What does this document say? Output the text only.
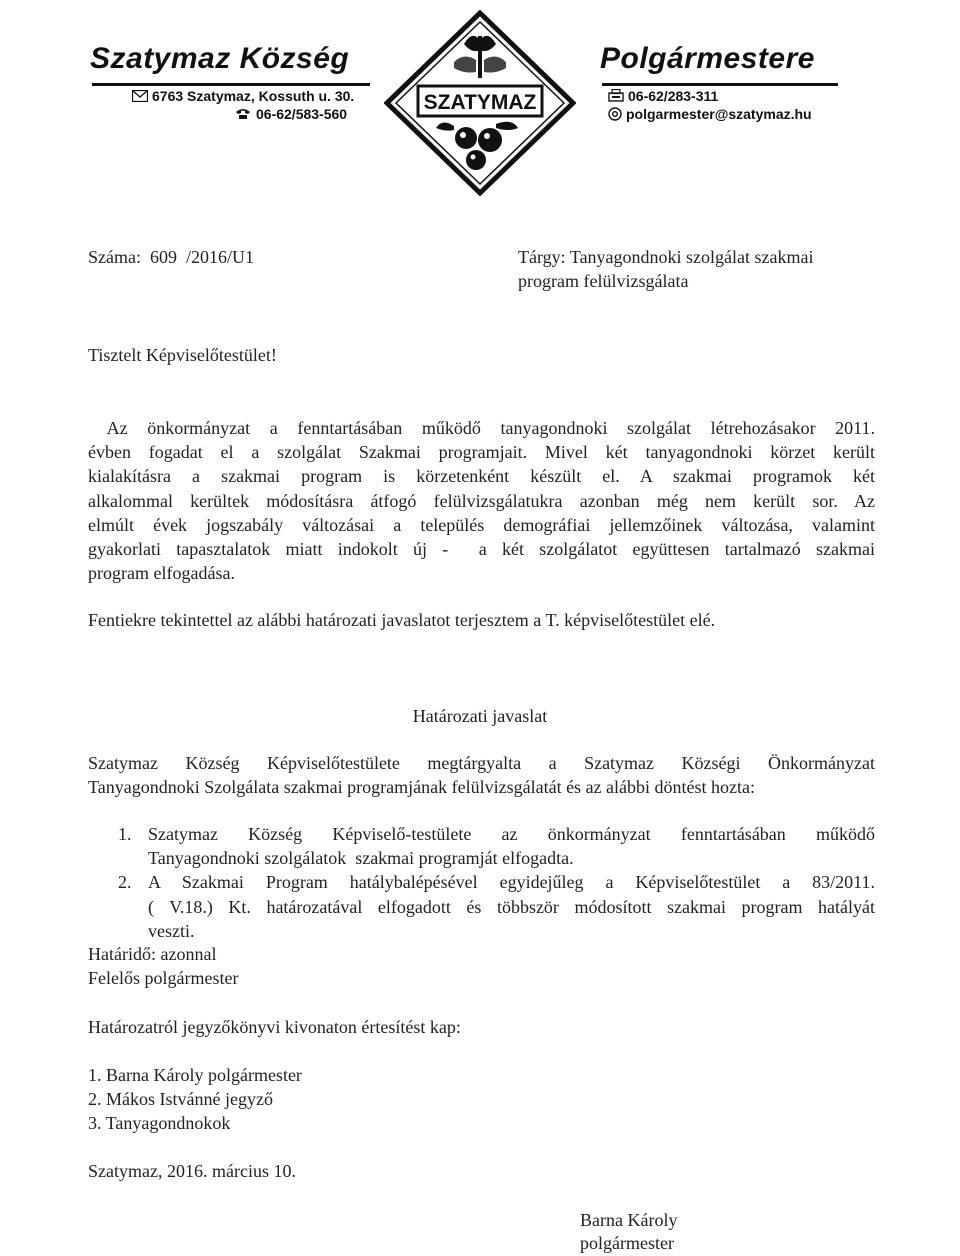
Szatymaz Község
6763 Szatymaz, Kossuth u. 30.
06-62/583-560	SZATYMAZ
Polgármestere
06-62/283-311
polgarmester@szatymaz.hu
Száma:  609  /2016/U1	Tárgy: Tanyagondnoki szolgálat szakmai
program felülvizsgálata
Tisztelt Képviselőtestület!
Az önkormányzat a fenntartásában működő tanyagondnoki szolgálat létrehozásakor 2011.
évben fogadat el a szolgálat Szakmai programjait. Mivel két tanyagondnoki körzet került
kialakításra a szakmai program is körzetenként készült el. A szakmai programok két
alkalommal kerültek módosításra átfogó felülvizsgálatukra azonban még nem került sor. Az
elmúlt évek jogszabály változásai a település demográfiai jellemzőinek változása, valamint
gyakorlati tapasztalatok miatt indokolt új -  a két szolgálatot együttesen tartalmazó szakmai
program elfogadása.
Fentiekre tekintettel az alábbi határozati javaslatot terjesztem a T. képviselőtestület elé.
Határozati javaslat
Szatymaz Község Képviselőtestülete megtárgyalta a Szatymaz Községi Önkormányzat
Tanyagondnoki Szolgálata szakmai programjának felülvizsgálatát és az alábbi döntést hozta:
1. Szatymaz Község Képviselő-testülete az önkormányzat fenntartásában működő
Tanyagondnoki szolgálatok  szakmai programját elfogadta.
2. A Szakmai Program hatálybalépésével egyidejűleg a Képviselőtestület a 83/2011.
( V.18.) Kt. határozatával elfogadott és többször módosított szakmai program hatályát
veszti.
Határidő: azonnal
Felelős polgármester
Határozatról jegyzőkönyvi kivonaton értesítést kap:
1. Barna Károly polgármester
2. Mákos Istvánné jegyző
3. Tanyagondnokok
Szatymaz, 2016. március 10.
Barna Károly
polgármester
